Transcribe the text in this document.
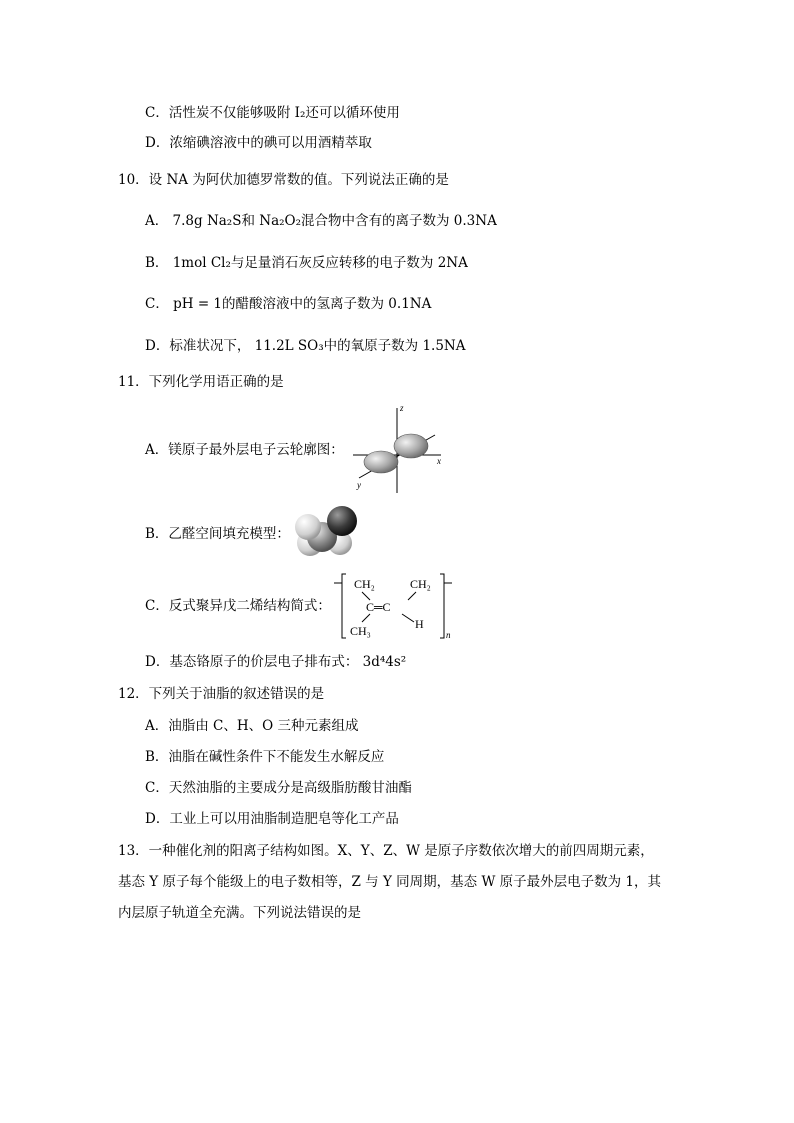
C．活性炭不仅能够吸附 I₂还可以循环使用
D．浓缩碘溶液中的碘可以用酒精萃取
10．设 NA 为阿伏加德罗常数的值。下列说法正确的是
A． 7.8g Na₂S和 Na₂O₂混合物中含有的离子数为 0.3NA
B． 1mol Cl₂与足量消石灰反应转移的电子数为 2NA
C． pH = 1的醋酸溶液中的氢离子数为 0.1NA
D．标准状况下， 11.2L SO₃中的氧原子数为 1.5NA
11．下列化学用语正确的是
A．镁原子最外层电子云轮廓图：
z
x
y
B．乙醛空间填充模型：
C．反式聚异戊二烯结构简式：
CH₂	CH₂
C═C
CH₃	H
n
D．基态铬原子的价层电子排布式： 3d⁴4s²
12．下列关于油脂的叙述错误的是
A．油脂由 C、H、O 三种元素组成
B．油脂在碱性条件下不能发生水解反应
C．天然油脂的主要成分是高级脂肪酸甘油酯
D．工业上可以用油脂制造肥皂等化工产品
13．一种催化剂的阳离子结构如图。X、Y、Z、W 是原子序数依次增大的前四周期元素，
基态 Y 原子每个能级上的电子数相等，Z 与 Y 同周期，基态 W 原子最外层电子数为 1，其
内层原子轨道全充满。下列说法错误的是
